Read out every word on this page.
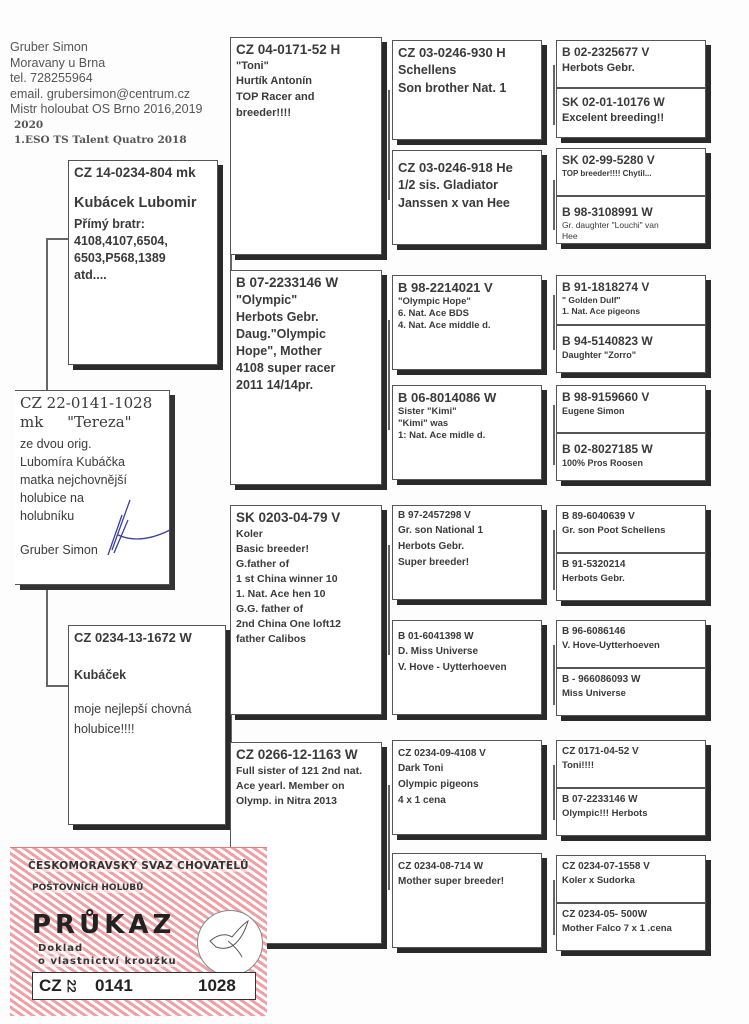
Gruber Simon
Moravany u Brna
tel. 728255964
email. grubersimon@centrum.cz
Mistr holoubat OS Brno 2016,2019
2020
1.ESO TS Talent Quatro 2018
CZ 22-0141-1028
mk     "Tereza"
ze dvou orig.
Lubomíra Kubáčka
matka nejchovnější
holubice na
holubníku
Gruber Simon
CZ 14-0234-804 mk
Kubácek Lubomir
Přímý bratr:
4108,4107,6504,
6503,P568,1389
atd....
CZ 0234-13-1672 W
Kubáček
moje nejlepší chovná
holubice!!!!
CZ 04-0171-52 H
"Toni"
Hurtík Antonín
TOP Racer and
breeder!!!!
B 07-2233146 W
"Olympic"
Herbots Gebr.
Daug."Olympic
Hope", Mother
4108 super racer
2011 14/14pr.
SK 0203-04-79 V
Koler
Basic breeder!
G.father of
1 st China winner 10
1. Nat. Ace hen 10
G.G. father of
2nd China One loft12
father Calibos
CZ 0266-12-1163 W
Full sister of 121 2nd nat.
Ace yearl. Member on
Olymp. in Nitra 2013
CZ 03-0246-930 H
Schellens
Son brother Nat. 1
CZ 03-0246-918 He
1/2 sis. Gladiator
Janssen x van Hee
B 98-2214021 V
"Olympic Hope"
6. Nat. Ace BDS
4. Nat. Ace middle d.
B 06-8014086 W
Sister "Kimi"
"Kimi" was
1: Nat. Ace midle d.
B 97-2457298 V
Gr. son National 1
Herbots Gebr.
Super breeder!
B 01-6041398 W
D. Miss Universe
V. Hove - Uytterhoeven
CZ 0234-09-4108 V
Dark Toni
Olympic pigeons
4 x 1 cena
CZ 0234-08-714 W
Mother super breeder!
B 02-2325677 V
Herbots Gebr.
SK 02-01-10176 W
Excelent breeding!!
SK 02-99-5280 V
TOP breeder!!!! Chytil...
B 98-3108991 W
Gr. daughter "Louchi" van
Hee
B 91-1818274 V
" Golden Dulf"
1. Nat. Ace pigeons
B 94-5140823 W
Daughter "Zorro"
B 98-9159660 V
Eugene Simon
B 02-8027185 W
100% Pros Roosen
B 89-6040639 V
Gr. son Poot Schellens
B 91-5320214
Herbots Gebr.
B 96-6086146
V. Hove-Uytterhoeven
B - 966086093 W
Miss Universe
CZ 0171-04-52 V
Toni!!!!
B 07-2233146 W
Olympic!!! Herbots
CZ 0234-07-1558 V
Koler x Sudorka
CZ 0234-05- 500W
Mother Falco 7 x 1 .cena
ČESKOMORAVSKÝ SVAZ CHOVATELŮ
POŠTOVNÍCH HOLUBŮ
PRŮKAZ
Doklad
o vlastnictví kroužku
CZ 22 0141	1028
